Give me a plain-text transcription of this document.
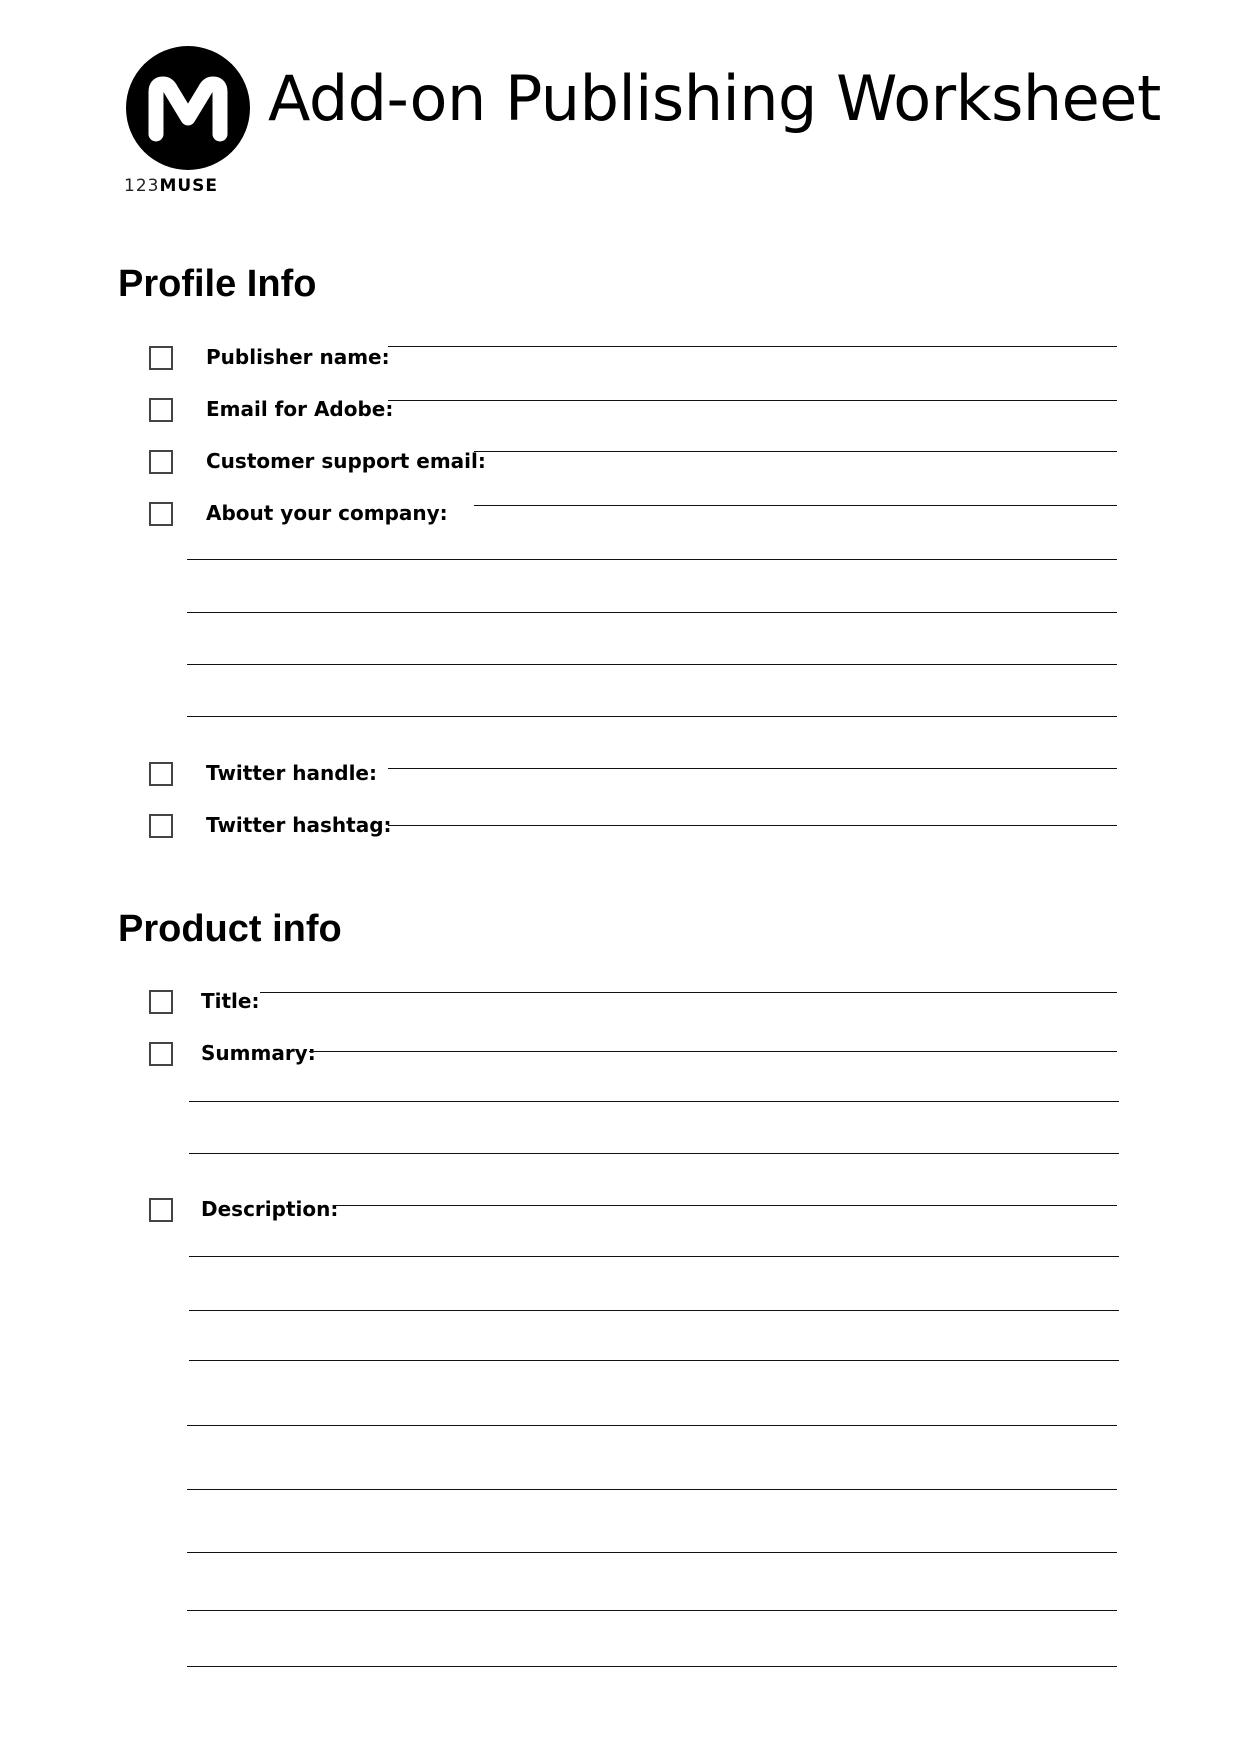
123MUSE
Add-on Publishing Worksheet
Profile Info
Publisher name:
Email for Adobe:
Customer support email:
About your company:
Twitter handle:
Twitter hashtag:
Product info
Title:
Summary:
Description:
